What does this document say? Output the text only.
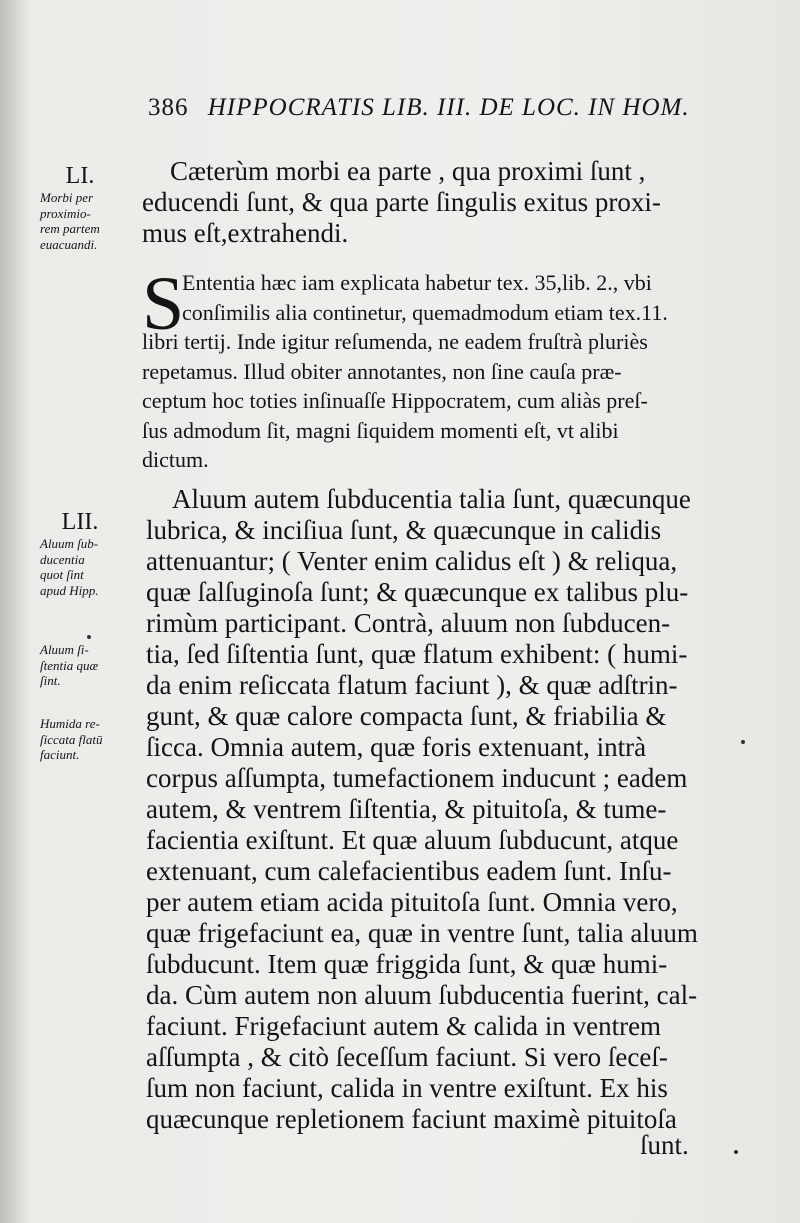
386 HIPPOCRATIS LIB. III. DE LOC. IN HOM.
LI.
Morbi per
proximio-
rem partem
euacuandi.
Cæterùm morbi ea parte , qua proximi ſunt ,
educendi ſunt, & qua parte ſingulis exitus proxi-
mus eſt,extrahendi.
S
Ententia hæc iam explicata habetur tex. 35,lib. 2., vbi
conſimilis alia continetur, quemadmodum etiam tex.11.
libri tertij. Inde igitur reſumenda, ne eadem fruſtrà pluriès
repetamus. Illud obiter annotantes, non ſine cauſa præ-
ceptum hoc toties inſinuaſſe Hippocratem, cum aliàs preſ-
ſus admodum ſit, magni ſiquidem momenti eſt, vt alibi
dictum.
LII.
Aluum ſub-
ducentia
quot ſint
apud Hipp.
Aluum ſi-
ſtentia quæ
ſint.
Humida re-
ſiccata flatū
faciunt.
Aluum autem ſubducentia talia ſunt, quæcunque
lubrica, & inciſiua ſunt, & quæcunque in calidis
attenuantur; ( Venter enim calidus eſt ) & reliqua,
quæ ſalſuginoſa ſunt; & quæcunque ex talibus plu-
rimùm participant. Contrà, aluum non ſubducen-
tia, ſed ſiſtentia ſunt, quæ flatum exhibent: ( humi-
da enim reſiccata flatum faciunt ), & quæ adſtrin-
gunt, & quæ calore compacta ſunt, & friabilia &
ſicca. Omnia autem, quæ foris extenuant, intrà
corpus aſſumpta, tumefactionem inducunt ; eadem
autem, & ventrem ſiſtentia, & pituitoſa, & tume-
facientia exiſtunt. Et quæ aluum ſubducunt, atque
extenuant, cum calefacientibus eadem ſunt. Inſu-
per autem etiam acida pituitoſa ſunt. Omnia vero,
quæ frigefaciunt ea, quæ in ventre ſunt, talia aluum
ſubducunt. Item quæ friggida ſunt, & quæ humi-
da. Cùm autem non aluum ſubducentia fuerint, cal-
faciunt. Frigefaciunt autem & calida in ventrem
aſſumpta , & citò ſeceſſum faciunt. Si vero ſeceſ-
ſum non faciunt, calida in ventre exiſtunt. Ex his
quæcunque repletionem faciunt maximè pituitoſa
ſunt.
